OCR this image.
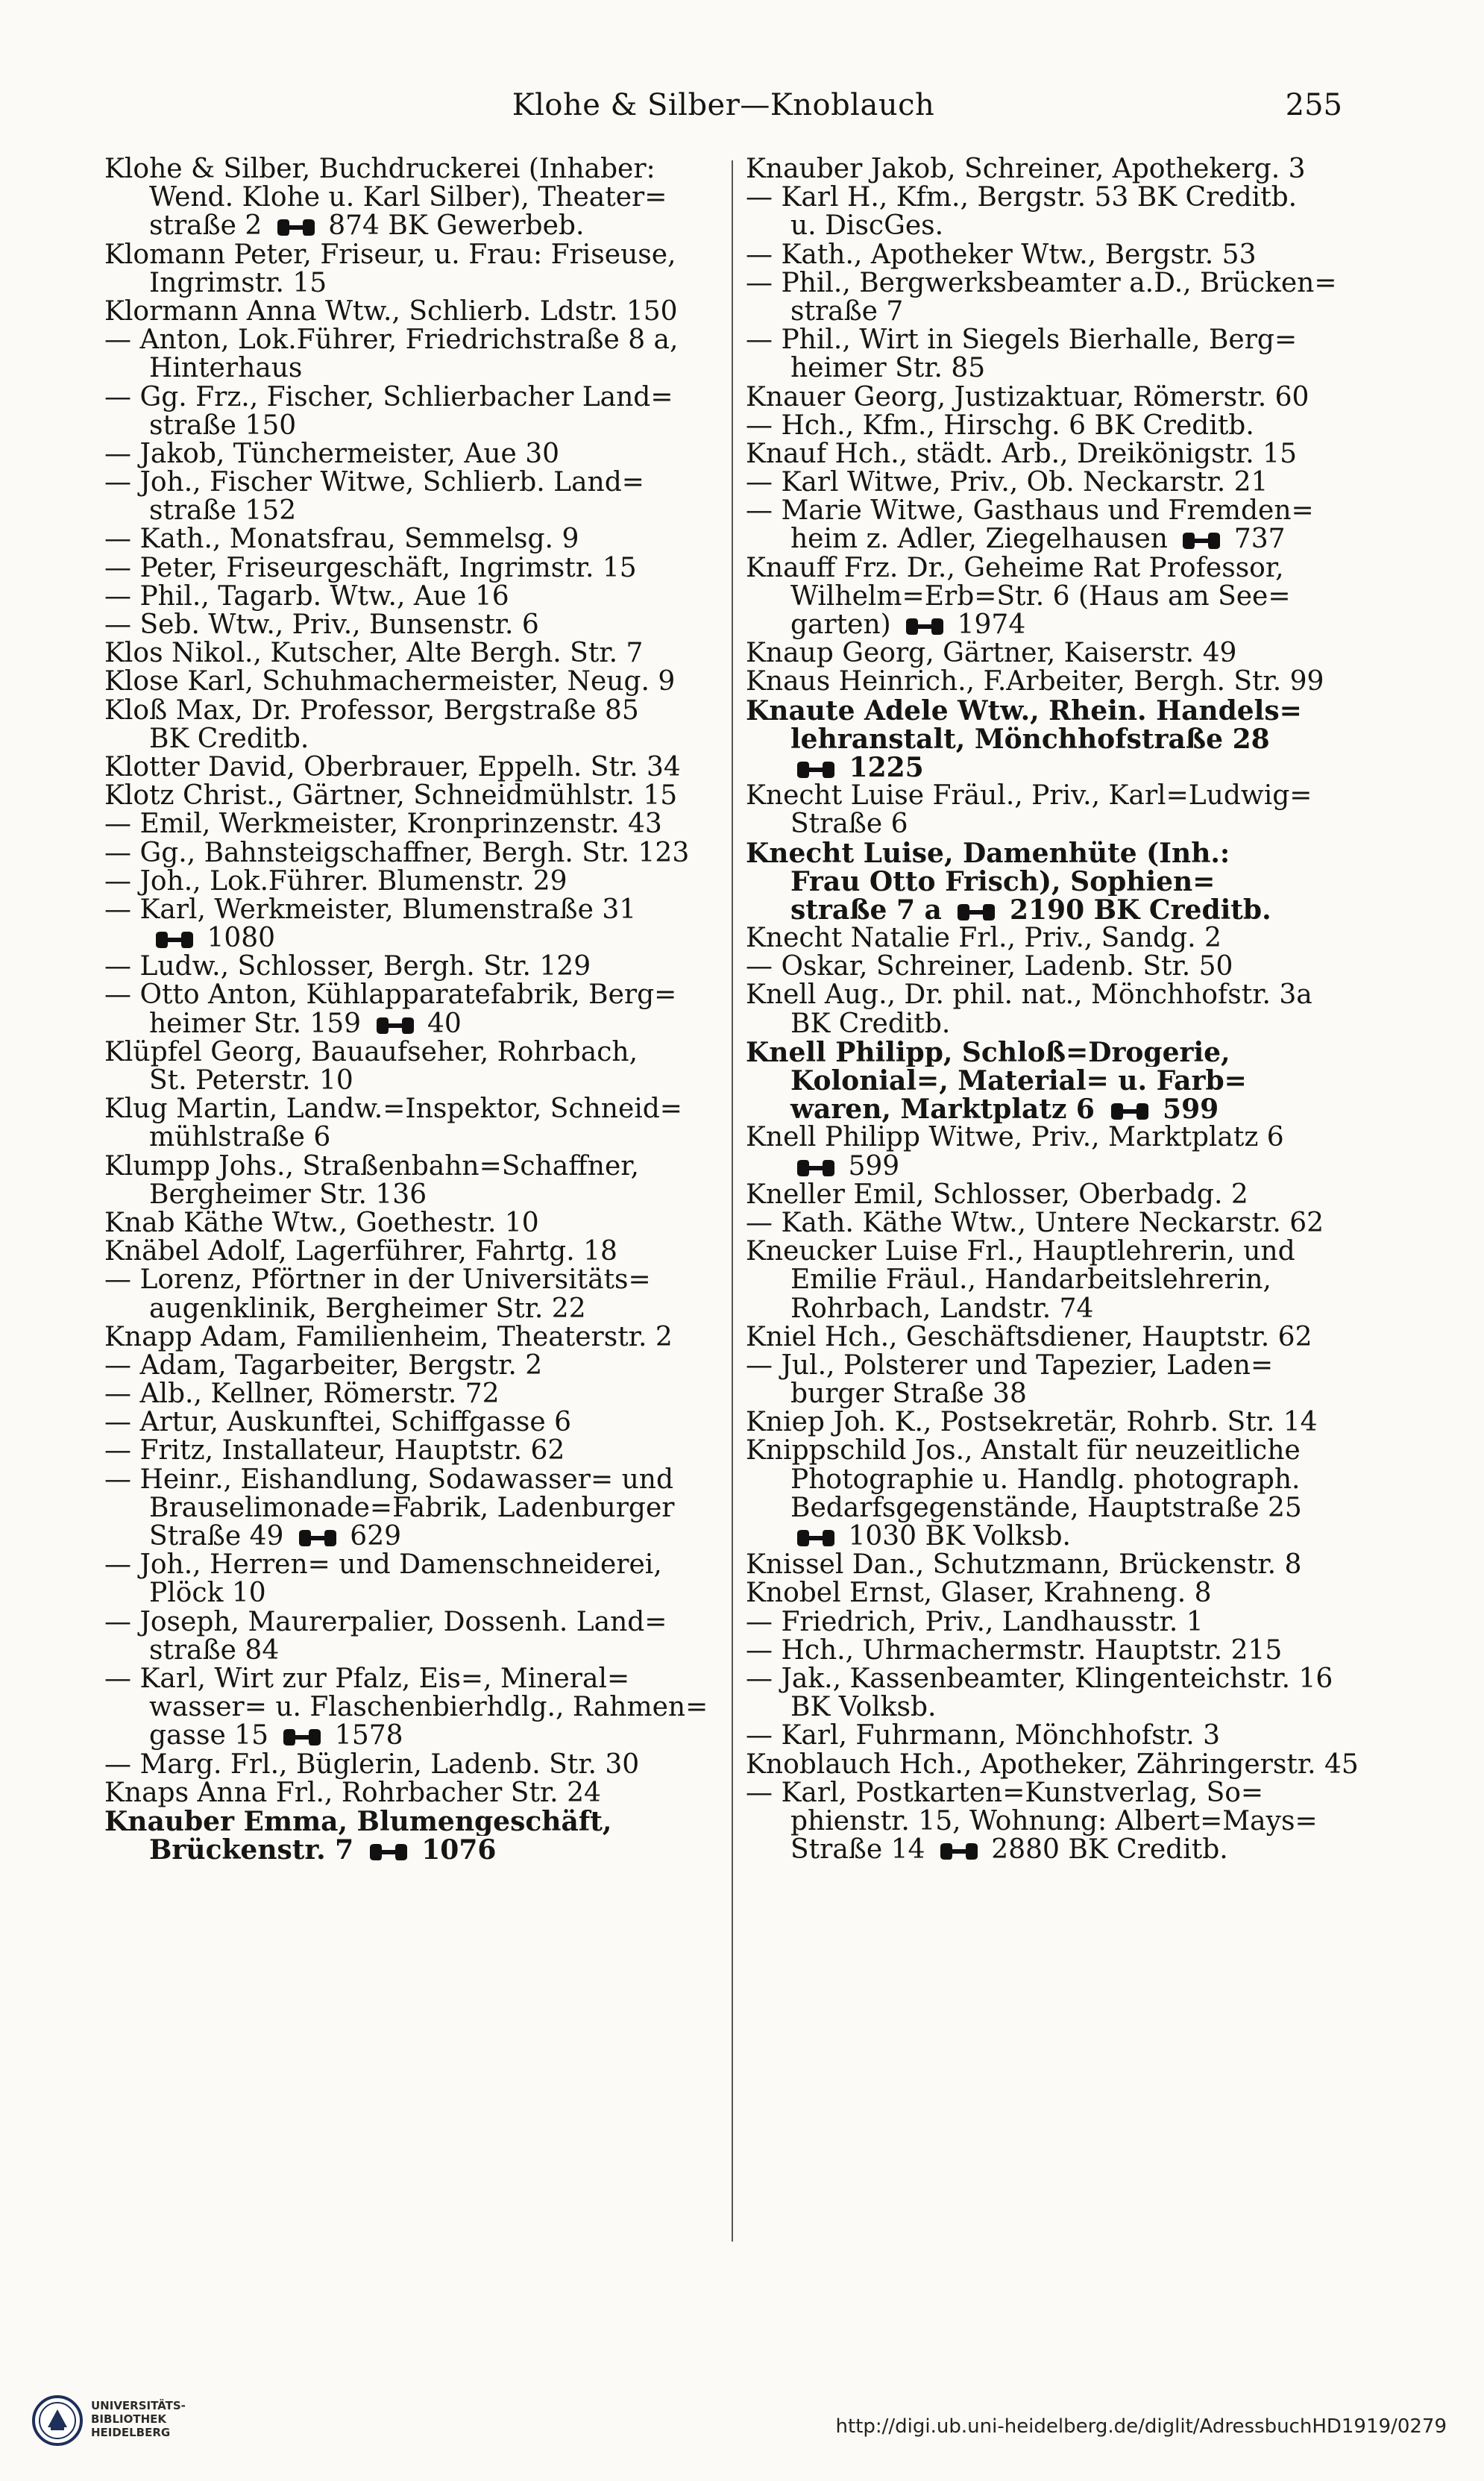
Klohe & Silber—Knoblauch	255
Klohe & Silber, Buchdruckerei (Inhaber:
Wend. Klohe u. Karl Silber), Theater=
straße 2  874 BK Gewerbeb.
Klomann Peter, Friseur, u. Frau: Friseuse,
Ingrimstr. 15
Klormann Anna Wtw., Schlierb. Ldstr. 150
— Anton, Lok.Führer, Friedrichstraße 8 a,
Hinterhaus
— Gg. Frz., Fischer, Schlierbacher Land=
straße 150
— Jakob, Tünchermeister, Aue 30
— Joh., Fischer Witwe, Schlierb. Land=
straße 152
— Kath., Monatsfrau, Semmelsg. 9
— Peter, Friseurgeschäft, Ingrimstr. 15
— Phil., Tagarb. Wtw., Aue 16
— Seb. Wtw., Priv., Bunsenstr. 6
Klos Nikol., Kutscher, Alte Bergh. Str. 7
Klose Karl, Schuhmachermeister, Neug. 9
Kloß Max, Dr. Professor, Bergstraße 85
BK Creditb.
Klotter David, Oberbrauer, Eppelh. Str. 34
Klotz Christ., Gärtner, Schneidmühlstr. 15
— Emil, Werkmeister, Kronprinzenstr. 43
— Gg., Bahnsteigschaffner, Bergh. Str. 123
— Joh., Lok.Führer. Blumenstr. 29
— Karl, Werkmeister, Blumenstraße 31
1080
— Ludw., Schlosser, Bergh. Str. 129
— Otto Anton, Kühlapparatefabrik, Berg=
heimer Str. 159  40
Klüpfel Georg, Bauaufseher, Rohrbach,
St. Peterstr. 10
Klug Martin, Landw.=Inspektor, Schneid=
mühlstraße 6
Klumpp Johs., Straßenbahn=Schaffner,
Bergheimer Str. 136
Knab Käthe Wtw., Goethestr. 10
Knäbel Adolf, Lagerführer, Fahrtg. 18
— Lorenz, Pförtner in der Universitäts=
augenklinik, Bergheimer Str. 22
Knapp Adam, Familienheim, Theaterstr. 2
— Adam, Tagarbeiter, Bergstr. 2
— Alb., Kellner, Römerstr. 72
— Artur, Auskunftei, Schiffgasse 6
— Fritz, Installateur, Hauptstr. 62
— Heinr., Eishandlung, Sodawasser= und
Brauselimonade=Fabrik, Ladenburger
Straße 49  629
— Joh., Herren= und Damenschneiderei,
Plöck 10
— Joseph, Maurerpalier, Dossenh. Land=
straße 84
— Karl, Wirt zur Pfalz, Eis=, Mineral=
wasser= u. Flaschenbierhdlg., Rahmen=
gasse 15  1578
— Marg. Frl., Büglerin, Ladenb. Str. 30
Knaps Anna Frl., Rohrbacher Str. 24
Knauber Emma, Blumengeschäft,
Brückenstr. 7  1076
Knauber Jakob, Schreiner, Apothekerg. 3
— Karl H., Kfm., Bergstr. 53 BK Creditb.
u. DiscGes.
— Kath., Apotheker Wtw., Bergstr. 53
— Phil., Bergwerksbeamter a.D., Brücken=
straße 7
— Phil., Wirt in Siegels Bierhalle, Berg=
heimer Str. 85
Knauer Georg, Justizaktuar, Römerstr. 60
— Hch., Kfm., Hirschg. 6 BK Creditb.
Knauf Hch., städt. Arb., Dreikönigstr. 15
— Karl Witwe, Priv., Ob. Neckarstr. 21
— Marie Witwe, Gasthaus und Fremden=
heim z. Adler, Ziegelhausen  737
Knauff Frz. Dr., Geheime Rat Professor,
Wilhelm=Erb=Str. 6 (Haus am See=
garten)  1974
Knaup Georg, Gärtner, Kaiserstr. 49
Knaus Heinrich., F.Arbeiter, Bergh. Str. 99
Knaute Adele Wtw., Rhein. Handels=
lehranstalt, Mönchhofstraße 28
1225
Knecht Luise Fräul., Priv., Karl=Ludwig=
Straße 6
Knecht Luise, Damenhüte (Inh.:
Frau Otto Frisch), Sophien=
straße 7 a  2190 BK Creditb.
Knecht Natalie Frl., Priv., Sandg. 2
— Oskar, Schreiner, Ladenb. Str. 50
Knell Aug., Dr. phil. nat., Mönchhofstr. 3a
BK Creditb.
Knell Philipp, Schloß=Drogerie,
Kolonial=, Material= u. Farb=
waren, Marktplatz 6  599
Knell Philipp Witwe, Priv., Marktplatz 6
599
Kneller Emil, Schlosser, Oberbadg. 2
— Kath. Käthe Wtw., Untere Neckarstr. 62
Kneucker Luise Frl., Hauptlehrerin, und
Emilie Fräul., Handarbeitslehrerin,
Rohrbach, Landstr. 74
Kniel Hch., Geschäftsdiener, Hauptstr. 62
— Jul., Polsterer und Tapezier, Laden=
burger Straße 38
Kniep Joh. K., Postsekretär, Rohrb. Str. 14
Knippschild Jos., Anstalt für neuzeitliche
Photographie u. Handlg. photograph.
Bedarfsgegenstände, Hauptstraße 25
1030 BK Volksb.
Knissel Dan., Schutzmann, Brückenstr. 8
Knobel Ernst, Glaser, Krahneng. 8
— Friedrich, Priv., Landhausstr. 1
— Hch., Uhrmachermstr. Hauptstr. 215
— Jak., Kassenbeamter, Klingenteichstr. 16
BK Volksb.
— Karl, Fuhrmann, Mönchhofstr. 3
Knoblauch Hch., Apotheker, Zähringerstr. 45
— Karl, Postkarten=Kunstverlag, So=
phienstr. 15, Wohnung: Albert=Mays=
Straße 14  2880 BK Creditb.
UNIVERSITÄTS-
BIBLIOTHEK
HEIDELBERG	http://digi.ub.uni-heidelberg.de/diglit/AdressbuchHD1919/0279
